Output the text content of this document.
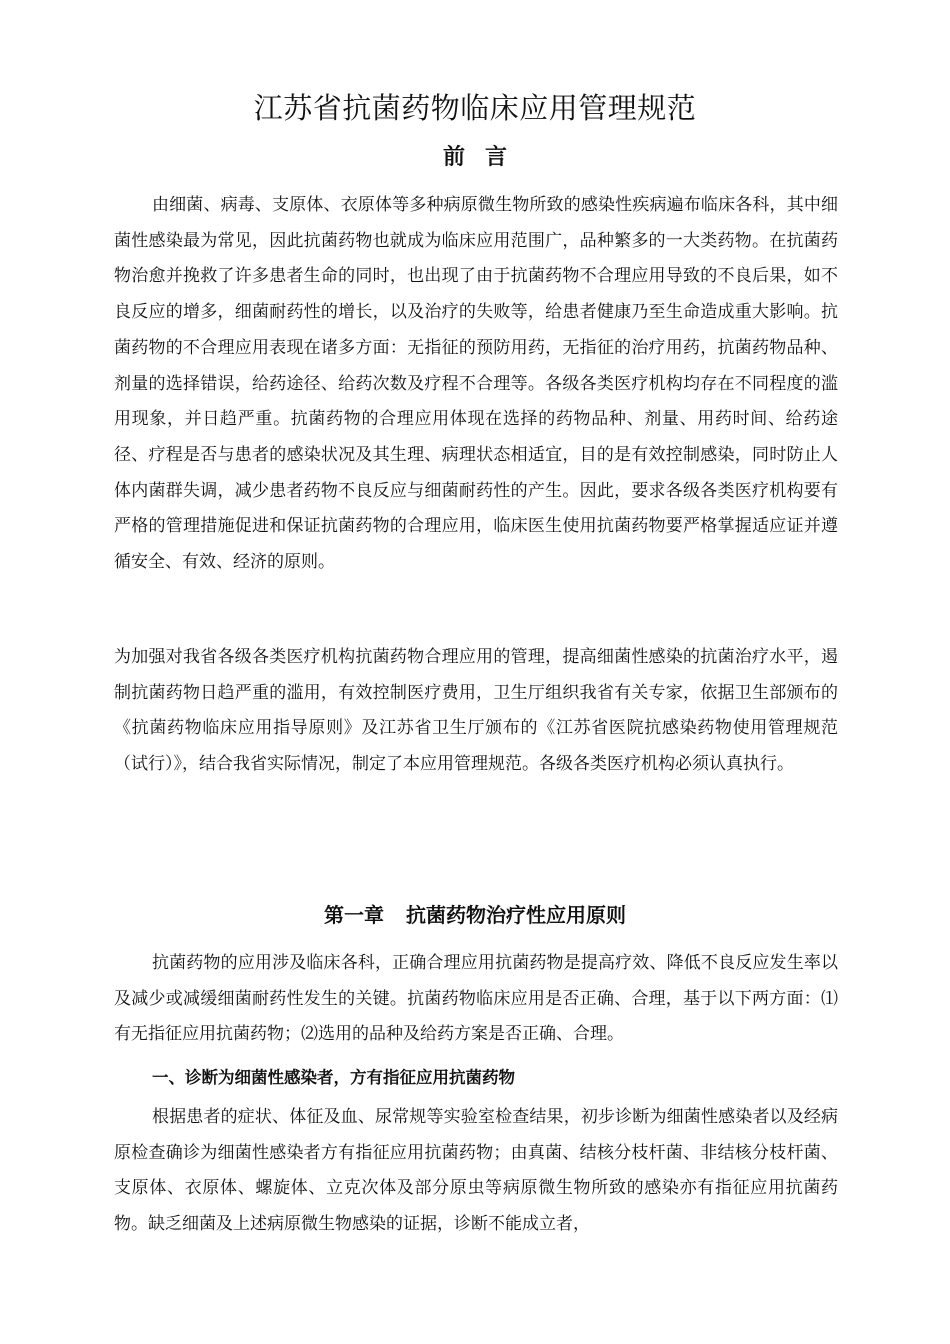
江苏省抗菌药物临床应用管理规范
前言

由细菌、病毒、支原体、衣原体等多种病原微生物所致的感染性疾病遍布临床各科，其中细菌性感染最为常见，因此抗菌药物也就成为临床应用范围广，品种繁多的一大类药物。在抗菌药物治愈并挽救了许多患者生命的同时，也出现了由于抗菌药物不合理应用导致的不良后果，如不良反应的增多，细菌耐药性的增长，以及治疗的失败等，给患者健康乃至生命造成重大影响。抗菌药物的不合理应用表现在诸多方面：无指征的预防用药，无指征的治疗用药，抗菌药物品种、剂量的选择错误，给药途径、给药次数及疗程不合理等。各级各类医疗机构均存在不同程度的滥用现象，并日趋严重。抗菌药物的合理应用体现在选择的药物品种、剂量、用药时间、给药途径、疗程是否与患者的感染状况及其生理、病理状态相适宜，目的是有效控制感染，同时防止人体内菌群失调，减少患者药物不良反应与细菌耐药性的产生。因此，要求各级各类医疗机构要有严格的管理措施促进和保证抗菌药物的合理应用，临床医生使用抗菌药物要严格掌握适应证并遵循安全、有效、经济的原则。

为加强对我省各级各类医疗机构抗菌药物合理应用的管理，提高细菌性感染的抗菌治疗水平，遏制抗菌药物日趋严重的滥用，有效控制医疗费用，卫生厅组织我省有关专家，依据卫生部颁布的《抗菌药物临床应用指导原则》及江苏省卫生厅颁布的《江苏省医院抗感染药物使用管理规范（试行）》，结合我省实际情况，制定了本应用管理规范。各级各类医疗机构必须认真执行。

第一章 抗菌药物治疗性应用原则

抗菌药物的应用涉及临床各科，正确合理应用抗菌药物是提高疗效、降低不良反应发生率以及减少或减缓细菌耐药性发生的关键。抗菌药物临床应用是否正确、合理，基于以下两方面：⑴有无指征应用抗菌药物；⑵选用的品种及给药方案是否正确、合理。

一、诊断为细菌性感染者，方有指征应用抗菌药物

根据患者的症状、体征及血、尿常规等实验室检查结果，初步诊断为细菌性感染者以及经病原检查确诊为细菌性感染者方有指征应用抗菌药物；由真菌、结核分枝杆菌、非结核分枝杆菌、支原体、衣原体、螺旋体、立克次体及部分原虫等病原微生物所致的感染亦有指征应用抗菌药物。缺乏细菌及上述病原微生物感染的证据，诊断不能成立者，
